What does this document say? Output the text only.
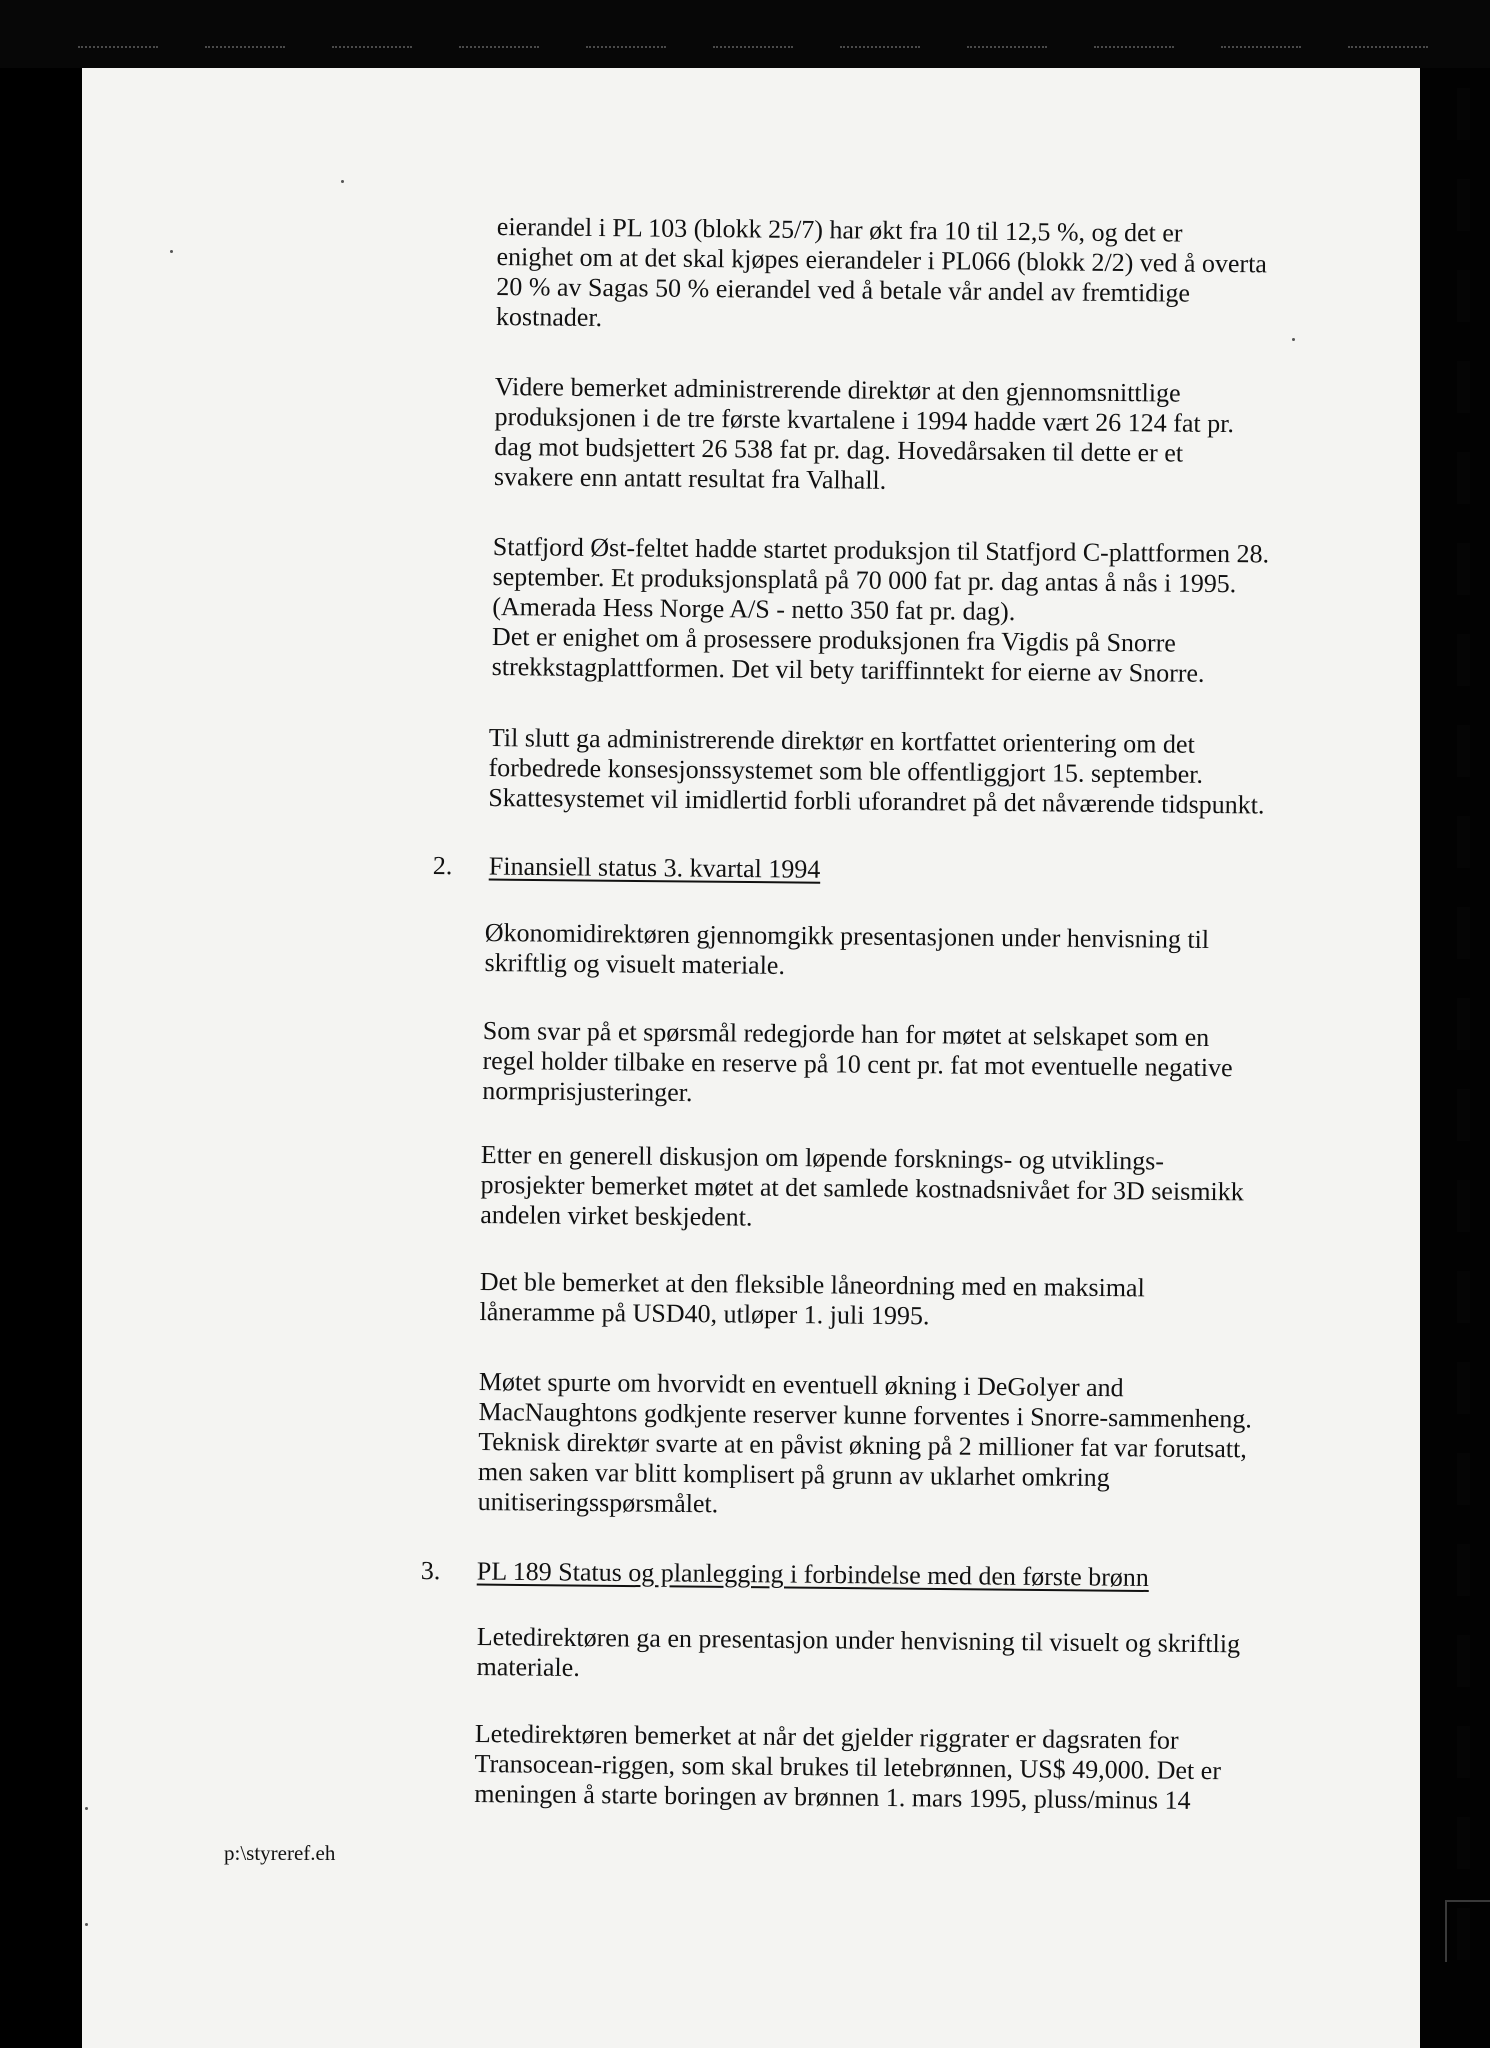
eierandel i PL 103 (blokk 25/7) har økt fra 10 til 12,5 %, og det er
enighet om at det skal kjøpes eierandeler i PL066 (blokk 2/2) ved å overta
20 % av Sagas 50 % eierandel ved å betale vår andel av fremtidige
kostnader.

Videre bemerket administrerende direktør at den gjennomsnittlige
produksjonen i de tre første kvartalene i 1994 hadde vært 26 124 fat pr.
dag mot budsjettert 26 538 fat pr. dag. Hovedårsaken til dette er et
svakere enn antatt resultat fra Valhall.

Statfjord Øst-feltet hadde startet produksjon til Statfjord C-plattformen 28.
september. Et produksjonsplatå på 70 000 fat pr. dag antas å nås i 1995.
(Amerada Hess Norge A/S - netto 350 fat pr. dag).
Det er enighet om å prosessere produksjonen fra Vigdis på Snorre
strekkstagplattformen. Det vil bety tariffinntekt for eierne av Snorre.

Til slutt ga administrerende direktør en kortfattet orientering om det
forbedrede konsesjonssystemet som ble offentliggjort 15. september.
Skattesystemet vil imidlertid forbli uforandret på det nåværende tidspunkt.

2. Finansiell status 3. kvartal 1994

Økonomidirektøren gjennomgikk presentasjonen under henvisning til
skriftlig og visuelt materiale.

Som svar på et spørsmål redegjorde han for møtet at selskapet som en
regel holder tilbake en reserve på 10 cent pr. fat mot eventuelle negative
normprisjusteringer.

Etter en generell diskusjon om løpende forsknings- og utviklings-
prosjekter bemerket møtet at det samlede kostnadsnivået for 3D seismikk
andelen virket beskjedent.

Det ble bemerket at den fleksible låneordning med en maksimal
låneramme på USD40, utløper 1. juli 1995.

Møtet spurte om hvorvidt en eventuell økning i DeGolyer and
MacNaughtons godkjente reserver kunne forventes i Snorre-sammenheng.
Teknisk direktør svarte at en påvist økning på 2 millioner fat var forutsatt,
men saken var blitt komplisert på grunn av uklarhet omkring
unitiseringsspørsmålet.

3. PL 189 Status og planlegging i forbindelse med den første brønn

Letedirektøren ga en presentasjon under henvisning til visuelt og skriftlig
materiale.

Letedirektøren bemerket at når det gjelder riggrater er dagsraten for
Transocean-riggen, som skal brukes til letebrønnen, US$ 49,000. Det er
meningen å starte boringen av brønnen 1. mars 1995, pluss/minus 14

p:\styreref.eh
